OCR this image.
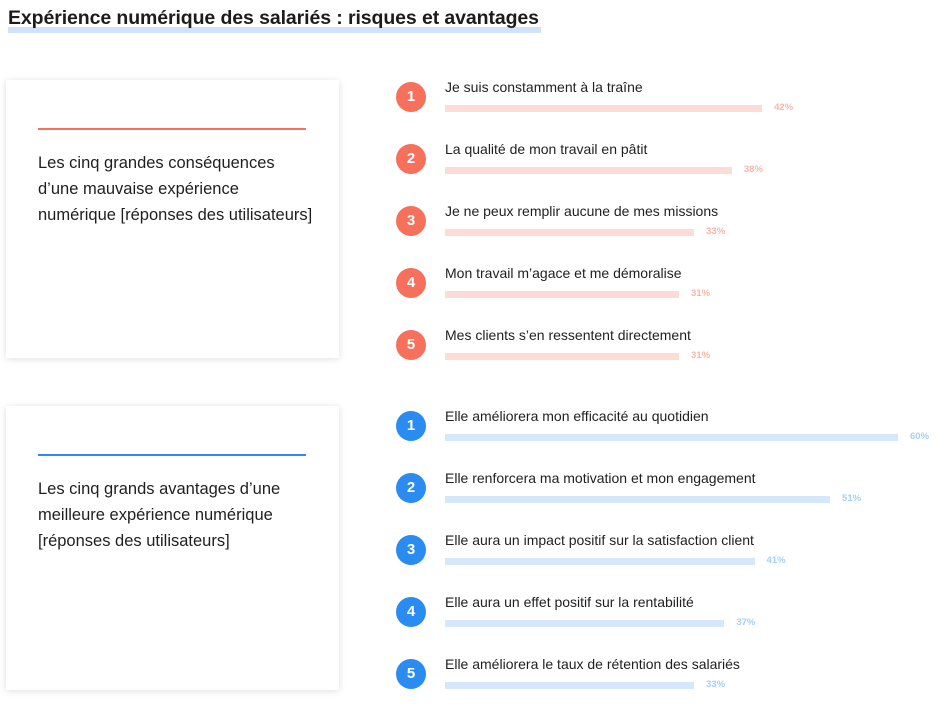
Expérience numérique des salariés : risques et avantages
Les cinq grandes conséquences d’une mauvaise expérience numérique [réponses des utilisateurs]
1
Je suis constamment à la traîne
42%
2
La qualité de mon travail en pâtit
38%
3
Je ne peux remplir aucune de mes missions
33%
4
Mon travail m’agace et me démoralise
31%
5
Mes clients s’en ressentent directement
31%
Les cinq grands avantages d’une meilleure expérience numérique [réponses des utilisateurs]
1
Elle améliorera mon efficacité au quotidien
60%
2
Elle renforcera ma motivation et mon engagement
51%
3
Elle aura un impact positif sur la satisfaction client
41%
4
Elle aura un effet positif sur la rentabilité
37%
5
Elle améliorera le taux de rétention des salariés
33%
